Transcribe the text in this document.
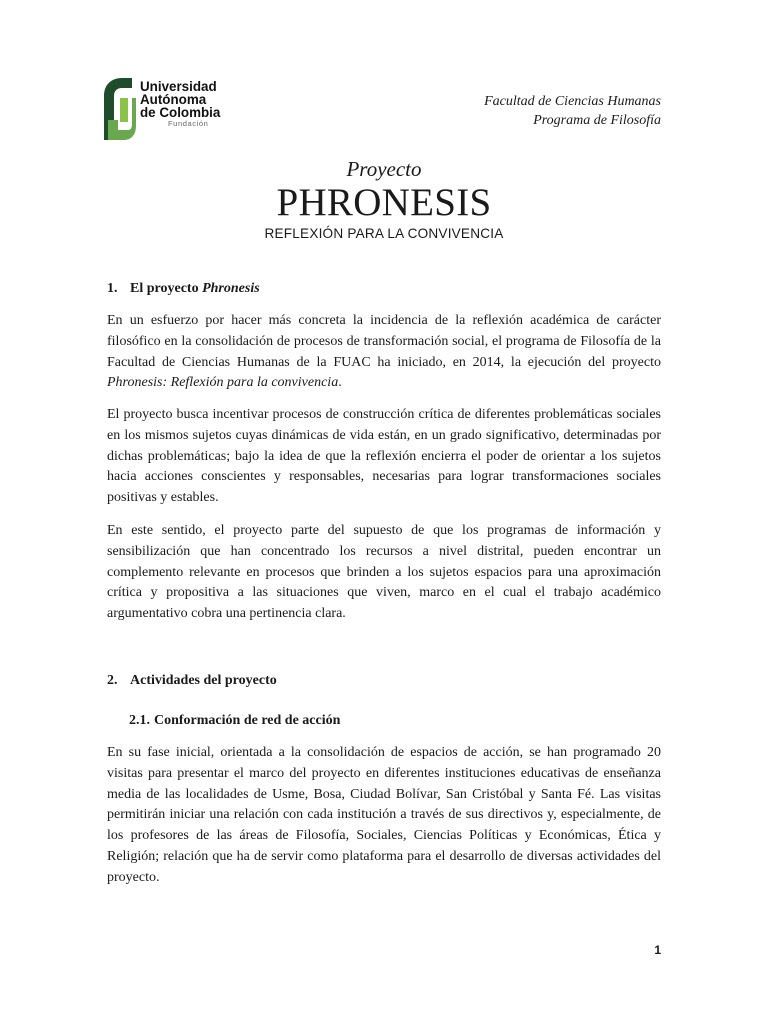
Universidad
Autónoma
de Colombia
Fundación
Facultad de Ciencias Humanas
Programa de Filosofía
Proyecto
PHRONESIS
REFLEXIÓN PARA LA CONVIVENCIA
1. El proyecto Phronesis

En un esfuerzo por hacer más concreta la incidencia de la reflexión académica de carácter filosófico en la consolidación de procesos de transformación social, el programa de Filosofía de la Facultad de Ciencias Humanas de la FUAC ha iniciado, en 2014, la ejecución del proyecto Phronesis: Reflexión para la convivencia.

El proyecto busca incentivar procesos de construcción crítica de diferentes problemáticas sociales en los mismos sujetos cuyas dinámicas de vida están, en un grado significativo, determinadas por dichas problemáticas; bajo la idea de que la reflexión encierra el poder de orientar a los sujetos hacia acciones conscientes y responsables, necesarias para lograr transformaciones sociales positivas y estables.

En este sentido, el proyecto parte del supuesto de que los programas de información y sensibilización que han concentrado los recursos a nivel distrital, pueden encontrar un complemento relevante en procesos que brinden a los sujetos espacios para una aproximación crítica y propositiva a las situaciones que viven, marco en el cual el trabajo académico argumentativo cobra una pertinencia clara.

2. Actividades del proyecto
2.1. Conformación de red de acción

En su fase inicial, orientada a la consolidación de espacios de acción, se han programado 20 visitas para presentar el marco del proyecto en diferentes instituciones educativas de enseñanza media de las localidades de Usme, Bosa, Ciudad Bolívar, San Cristóbal y Santa Fé. Las visitas permitirán iniciar una relación con cada institución a través de sus directivos y, especialmente, de los profesores de las áreas de Filosofía, Sociales, Ciencias Políticas y Económicas, Ética y Religión; relación que ha de servir como plataforma para el desarrollo de diversas actividades del proyecto.

1
